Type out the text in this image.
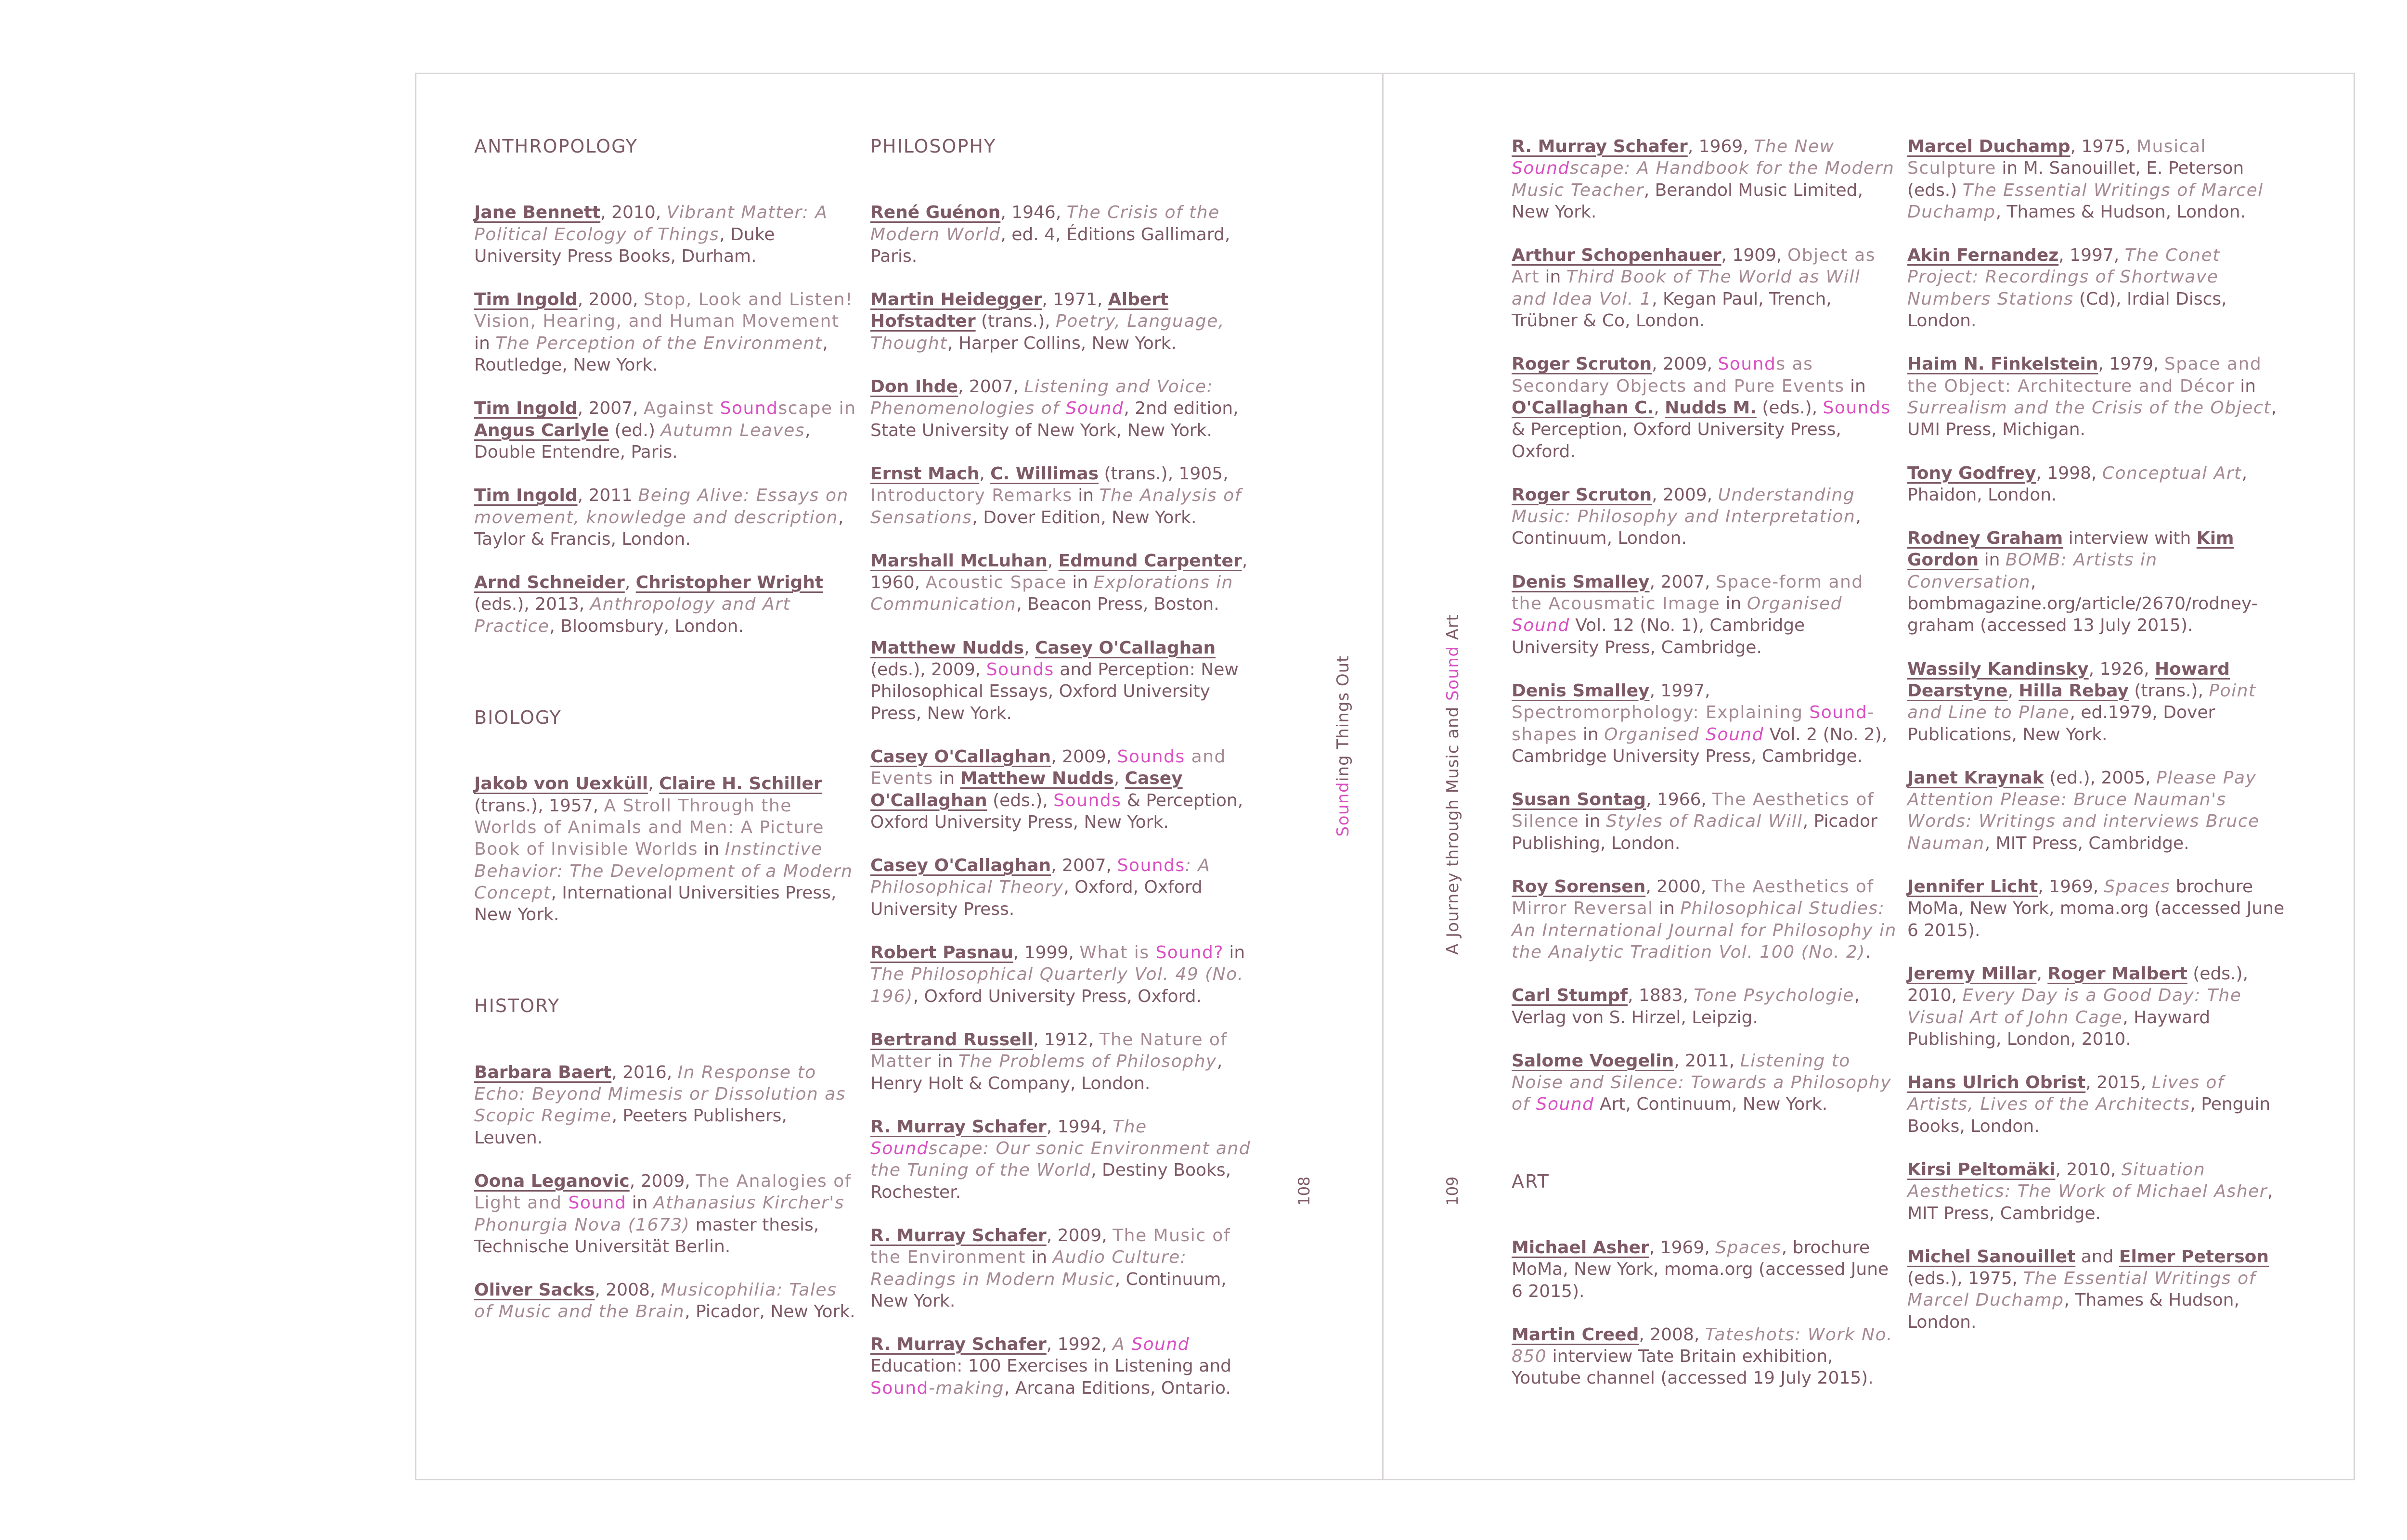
ANTHROPOLOGY

Jane Bennett, 2010, Vibrant Matter: A Political Ecology of Things, Duke University Press Books, Durham.

Tim Ingold, 2000, Stop, Look and Listen! Vision, Hearing, and Human Movement in The Perception of the Environment, Routledge, New York.

Tim Ingold, 2007, Against Soundscape in Angus Carlyle (ed.) Autumn Leaves, Double Entendre, Paris.

Tim Ingold, 2011 Being Alive: Essays on movement, knowledge and description, Taylor & Francis, London.

Arnd Schneider, Christopher Wright (eds.), 2013, Anthropology and Art Practice, Bloomsbury, London.

BIOLOGY

Jakob von Uexküll, Claire H. Schiller (trans.), 1957, A Stroll Through the Worlds of Animals and Men: A Picture Book of Invisible Worlds in Instinctive Behavior: The Development of a Modern Concept, International Universities Press, New York.

HISTORY

Barbara Baert, 2016, In Response to Echo: Beyond Mimesis or Dissolution as Scopic Regime, Peeters Publishers, Leuven.

Oona Leganovic, 2009, The Analogies of Light and Sound in Athanasius Kircher's Phonurgia Nova (1673) master thesis, Technische Universität Berlin.

Oliver Sacks, 2008, Musicophilia: Tales of Music and the Brain, Picador, New York.

PHILOSOPHY

René Guénon, 1946, The Crisis of the Modern World, ed. 4, Éditions Gallimard, Paris.

Martin Heidegger, 1971, Albert Hofstadter (trans.), Poetry, Language, Thought, Harper Collins, New York.

Don Ihde, 2007, Listening and Voice: Phenomenologies of Sound, 2nd edition, State University of New York, New York.

Ernst Mach, C. Willimas (trans.), 1905, Introductory Remarks in The Analysis of Sensations, Dover Edition, New York.

Marshall McLuhan, Edmund Carpenter, 1960, Acoustic Space in Explorations in Communication, Beacon Press, Boston.

Matthew Nudds, Casey O'Callaghan (eds.), 2009, Sounds and Perception: New Philosophical Essays, Oxford University Press, New York.

Casey O'Callaghan, 2009, Sounds and Events in Matthew Nudds, Casey O'Callaghan (eds.), Sounds & Perception, Oxford University Press, New York.

Casey O'Callaghan, 2007, Sounds: A Philosophical Theory, Oxford, Oxford University Press.

Robert Pasnau, 1999, What is Sound? in The Philosophical Quarterly Vol. 49 (No. 196), Oxford University Press, Oxford.

Bertrand Russell, 1912, The Nature of Matter in The Problems of Philosophy, Henry Holt & Company, London.

R. Murray Schafer, 1994, The Soundscape: Our sonic Environment and the Tuning of the World, Destiny Books, Rochester.

R. Murray Schafer, 2009, The Music of the Environment in Audio Culture: Readings in Modern Music, Continuum, New York.

R. Murray Schafer, 1992, A Sound Education: 100 Exercises in Listening and Sound-making, Arcana Editions, Ontario.

Sounding Things Out
108
A Journey through Music and Sound Art
109

R. Murray Schafer, 1969, The New Soundscape: A Handbook for the Modern Music Teacher, Berandol Music Limited, New York.

Arthur Schopenhauer, 1909, Object as Art in Third Book of The World as Will and Idea Vol. 1, Kegan Paul, Trench, Trübner & Co, London.

Roger Scruton, 2009, Sounds as Secondary Objects and Pure Events in O'Callaghan C., Nudds M. (eds.), Sounds & Perception, Oxford University Press, Oxford.

Roger Scruton, 2009, Understanding Music: Philosophy and Interpretation, Continuum, London.

Denis Smalley, 2007, Space-form and the Acousmatic Image in Organised Sound Vol. 12 (No. 1), Cambridge University Press, Cambridge.

Denis Smalley, 1997, Spectromorphology: Explaining Sound-shapes in Organised Sound Vol. 2 (No. 2), Cambridge University Press, Cambridge.

Susan Sontag, 1966, The Aesthetics of Silence in Styles of Radical Will, Picador Publishing, London.

Roy Sorensen, 2000, The Aesthetics of Mirror Reversal in Philosophical Studies: An International Journal for Philosophy in the Analytic Tradition Vol. 100 (No. 2).

Carl Stumpf, 1883, Tone Psychologie, Verlag von S. Hirzel, Leipzig.

Salome Voegelin, 2011, Listening to Noise and Silence: Towards a Philosophy of Sound Art, Continuum, New York.

ART

Michael Asher, 1969, Spaces, brochure MoMa, New York, moma.org (accessed June 6 2015).

Martin Creed, 2008, Tateshots: Work No. 850 interview Tate Britain exhibition, Youtube channel (accessed 19 July 2015).

Marcel Duchamp, 1975, Musical Sculpture in M. Sanouillet, E. Peterson (eds.) The Essential Writings of Marcel Duchamp, Thames & Hudson, London.

Akin Fernandez, 1997, The Conet Project: Recordings of Shortwave Numbers Stations (Cd), Irdial Discs, London.

Haim N. Finkelstein, 1979, Space and the Object: Architecture and Décor in Surrealism and the Crisis of the Object, UMI Press, Michigan.

Tony Godfrey, 1998, Conceptual Art, Phaidon, London.

Rodney Graham interview with Kim Gordon in BOMB: Artists in Conversation, bombmagazine.org/article/2670/rodney-graham (accessed 13 July 2015).

Wassily Kandinsky, 1926, Howard Dearstyne, Hilla Rebay (trans.), Point and Line to Plane, ed.1979, Dover Publications, New York.

Janet Kraynak (ed.), 2005, Please Pay Attention Please: Bruce Nauman's Words: Writings and interviews Bruce Nauman, MIT Press, Cambridge.

Jennifer Licht, 1969, Spaces brochure MoMa, New York, moma.org (accessed June 6 2015).

Jeremy Millar, Roger Malbert (eds.), 2010, Every Day is a Good Day: The Visual Art of John Cage, Hayward Publishing, London, 2010.

Hans Ulrich Obrist, 2015, Lives of Artists, Lives of the Architects, Penguin Books, London.

Kirsi Peltomäki, 2010, Situation Aesthetics: The Work of Michael Asher, MIT Press, Cambridge.

Michel Sanouillet and Elmer Peterson (eds.), 1975, The Essential Writings of Marcel Duchamp, Thames & Hudson, London.
